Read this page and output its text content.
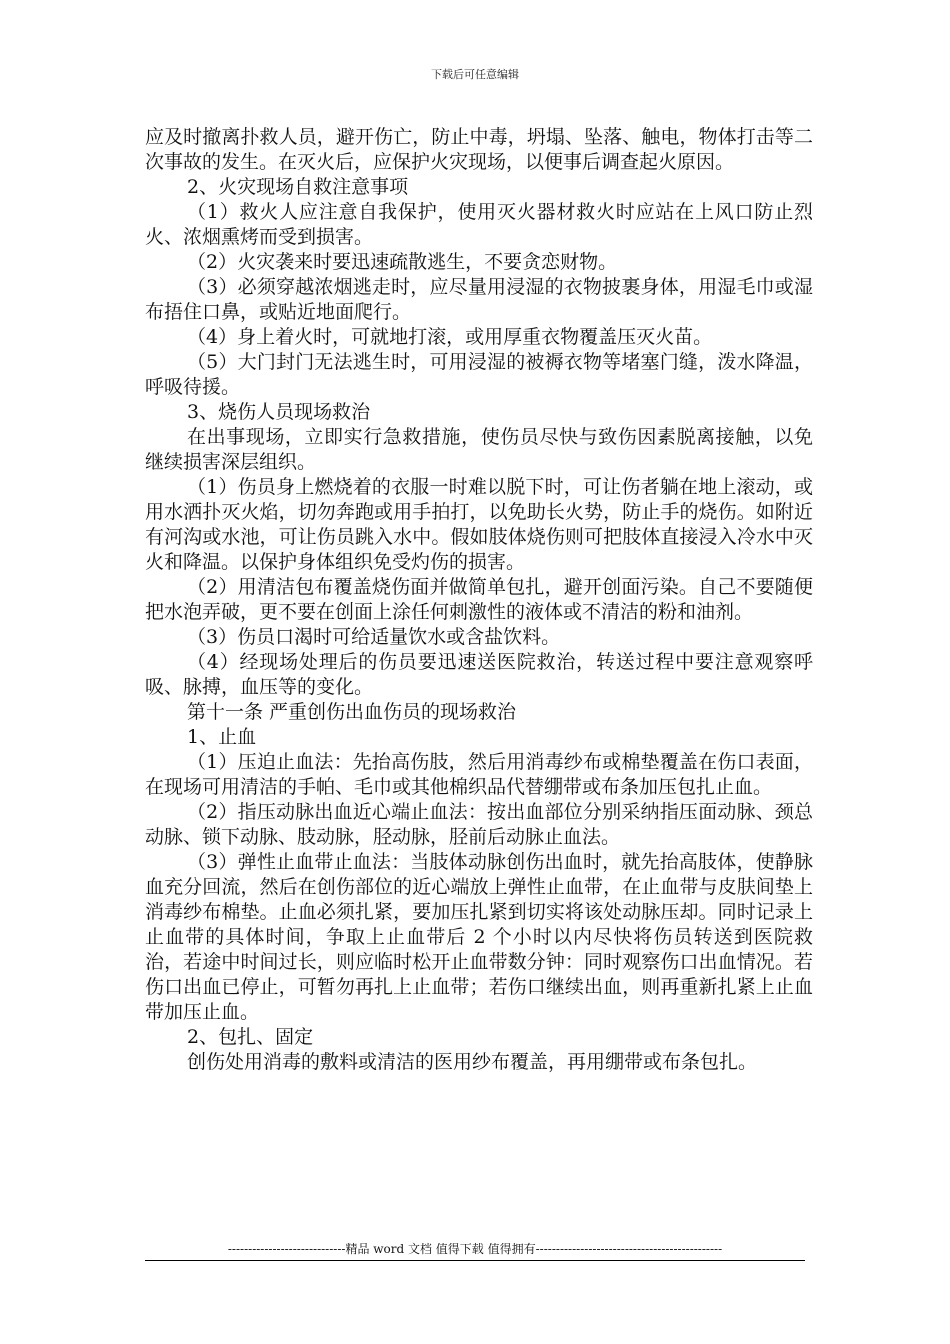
下载后可任意编辑

应及时撤离扑救人员，避开伤亡，防止中毒，坍塌、坠落、触电，物体打击等二次事故的发生。在灭火后，应保护火灾现场，以便事后调查起火原因。

2、火灾现场自救注意事项

（1）救火人应注意自我保护，使用灭火器材救火时应站在上风口防止烈火、浓烟熏烤而受到损害。

（2）火灾袭来时要迅速疏散逃生，不要贪恋财物。

（3）必须穿越浓烟逃走时，应尽量用浸湿的衣物披裹身体，用湿毛巾或湿布捂住口鼻，或贴近地面爬行。

（4）身上着火时，可就地打滚，或用厚重衣物覆盖压灭火苗。

（5）大门封门无法逃生时，可用浸湿的被褥衣物等堵塞门缝，泼水降温，呼吸待援。

3、烧伤人员现场救治

在出事现场，立即实行急救措施，使伤员尽快与致伤因素脱离接触，以免继续损害深层组织。

（1）伤员身上燃烧着的衣服一时难以脱下时，可让伤者躺在地上滚动，或用水洒扑灭火焰，切勿奔跑或用手拍打，以免助长火势，防止手的烧伤。如附近有河沟或水池，可让伤员跳入水中。假如肢体烧伤则可把肢体直接浸入冷水中灭火和降温。以保护身体组织免受灼伤的损害。

（2）用清洁包布覆盖烧伤面并做简单包扎，避开创面污染。自己不要随便把水泡弄破，更不要在创面上涂任何刺激性的液体或不清洁的粉和油剂。

（3）伤员口渴时可给适量饮水或含盐饮料。

（4）经现场处理后的伤员要迅速送医院救治，转送过程中要注意观察呼吸、脉搏，血压等的变化。

第十一条 严重创伤出血伤员的现场救治

1、止血

（1）压迫止血法：先抬高伤肢，然后用消毒纱布或棉垫覆盖在伤口表面，在现场可用清洁的手帕、毛巾或其他棉织品代替绷带或布条加压包扎止血。

（2）指压动脉出血近心端止血法：按出血部位分别采纳指压面动脉、颈总动脉、锁下动脉、肢动脉，胫动脉，胫前后动脉止血法。

（3）弹性止血带止血法：当肢体动脉创伤出血时，就先抬高肢体，使静脉血充分回流，然后在创伤部位的近心端放上弹性止血带，在止血带与皮肤间垫上消毒纱布棉垫。止血必须扎紧，要加压扎紧到切实将该处动脉压却。同时记录上止血带的具体时间，争取上止血带后 2 个小时以内尽快将伤员转送到医院救治，若途中时间过长，则应临时松开止血带数分钟：同时观察伤口出血情况。若伤口出血已停止，可暂勿再扎上止血带；若伤口继续出血，则再重新扎紧上止血带加压止血。

2、包扎、固定

创伤处用消毒的敷料或清洁的医用纱布覆盖，再用绷带或布条包扎。

-----------------------------精品 word 文档 值得下载 值得拥有----------------------------------------------
